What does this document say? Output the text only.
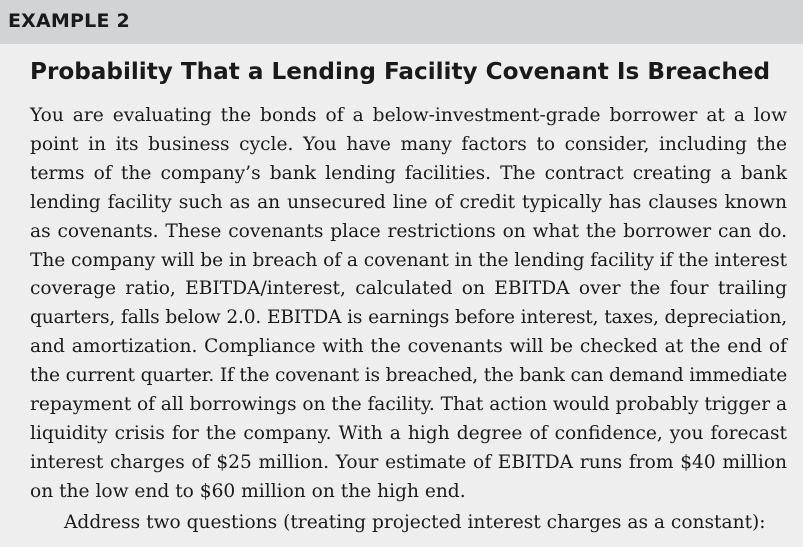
EXAMPLE 2
Probability That a Lending Facility Covenant Is Breached
You are evaluating the bonds of a below-investment-grade borrower at a low
point in its business cycle. You have many factors to consider, including the
terms of the company’s bank lending facilities. The contract creating a bank
lending facility such as an unsecured line of credit typically has clauses known
as covenants. These covenants place restrictions on what the borrower can do.
The company will be in breach of a covenant in the lending facility if the interest
coverage ratio, EBITDA/interest, calculated on EBITDA over the four trailing
quarters, falls below 2.0. EBITDA is earnings before interest, taxes, depreciation,
and amortization. Compliance with the covenants will be checked at the end of
the current quarter. If the covenant is breached, the bank can demand immediate
repayment of all borrowings on the facility. That action would probably trigger a
liquidity crisis for the company. With a high degree of confidence, you forecast
interest charges of $25 million. Your estimate of EBITDA runs from $40 million
on the low end to $60 million on the high end.
Address two questions (treating projected interest charges as a constant):
